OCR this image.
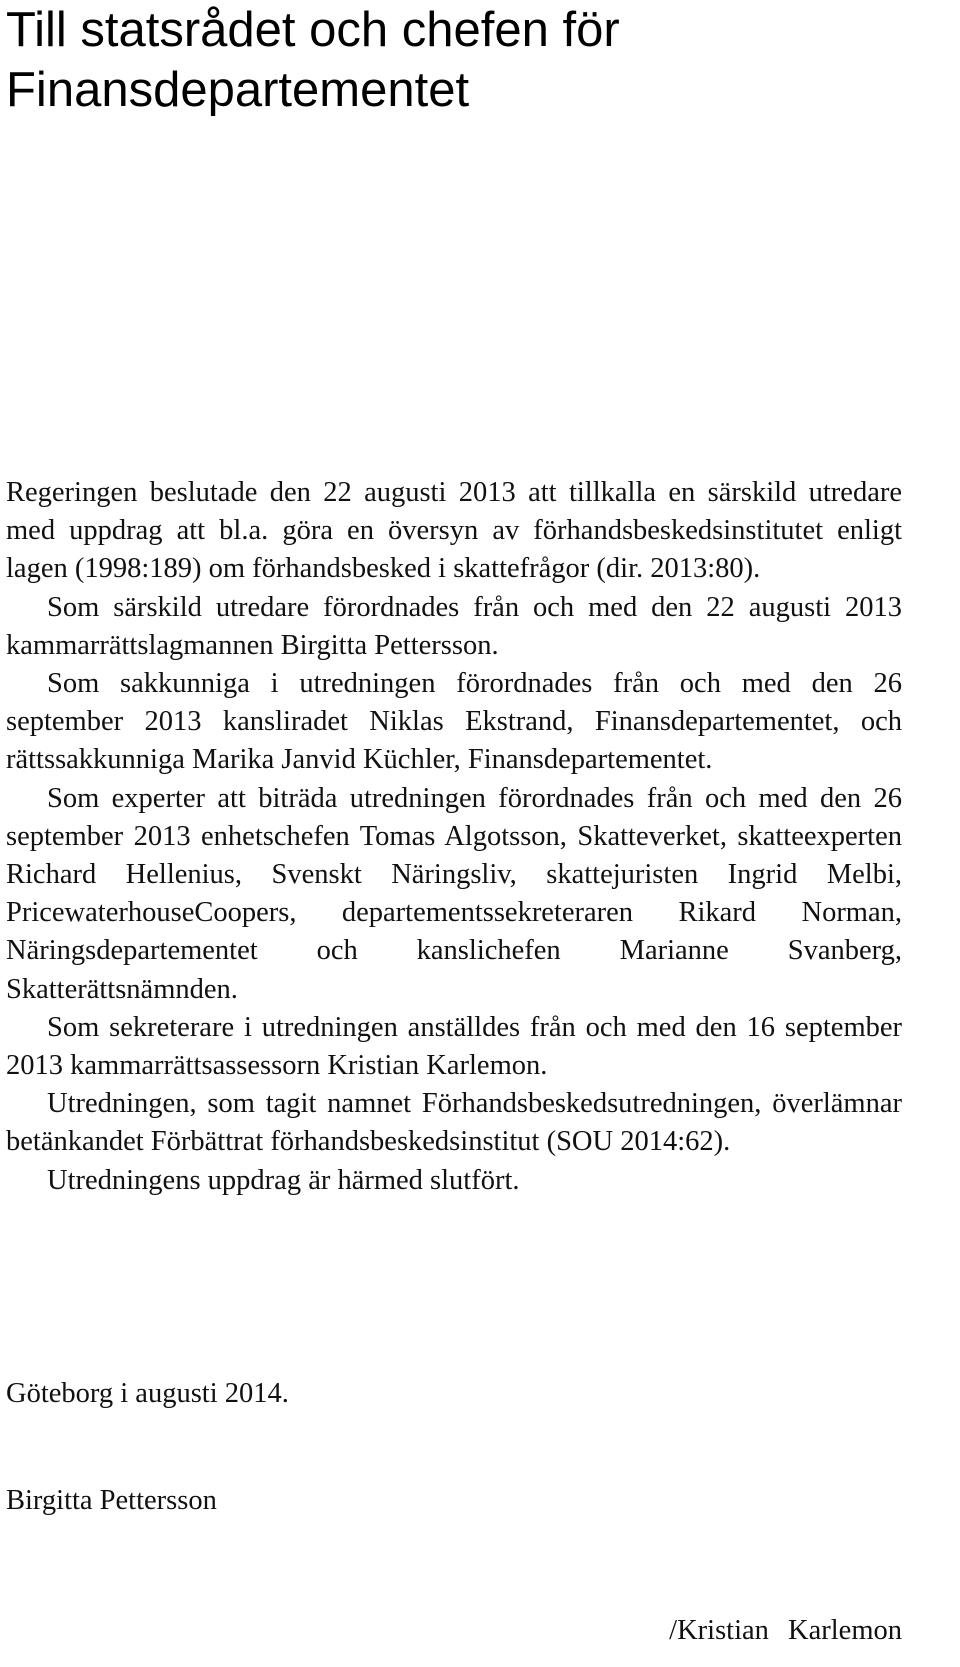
Till statsrådet och chefen för
Finansdepartementet

Regeringen beslutade den 22 augusti 2013 att tillkalla en särskild utredare med uppdrag att bl.a. göra en översyn av förhandsbeskedsinstitutet enligt lagen (1998:189) om förhandsbesked i skattefrågor (dir. 2013:80).

Som särskild utredare förordnades från och med den 22 augusti 2013 kammarrättslagmannen Birgitta Pettersson.

Som sakkunniga i utredningen förordnades från och med den 26 september 2013 kansliradet Niklas Ekstrand, Finansdepartementet, och rättssakkunniga Marika Janvid Küchler, Finansdepartementet.

Som experter att biträda utredningen förordnades från och med den 26 september 2013 enhetschefen Tomas Algotsson, Skatteverket, skatteexperten Richard Hellenius, Svenskt Näringsliv, skattejuristen Ingrid Melbi, PricewaterhouseCoopers, departementssekreteraren Rikard Norman, Näringsdepartementet och kanslichefen Marianne Svanberg, Skatterättsnämnden.

Som sekreterare i utredningen anställdes från och med den 16 september 2013 kammarrättsassessorn Kristian Karlemon.

Utredningen, som tagit namnet Förhandsbeskedsutredningen, överlämnar betänkandet Förbättrat förhandsbeskedsinstitut (SOU 2014:62).

Utredningens uppdrag är härmed slutfört.

Göteborg i augusti 2014.
Birgitta Pettersson
/Kristian Karlemon
